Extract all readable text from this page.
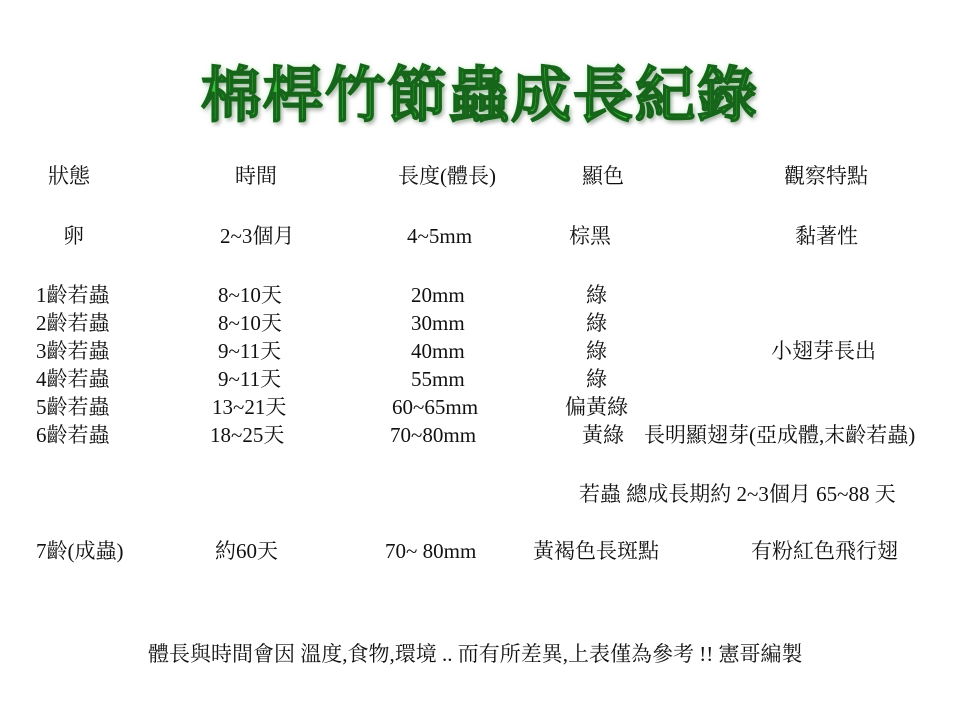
棉桿竹節蟲成長紀錄
狀態	時間	長度(體長)	顯色	觀察特點
卵	2~3個月	4~5mm	棕黑	黏著性
1齡若蟲	8~10天	20mm	綠
2齡若蟲	8~10天	30mm	綠
3齡若蟲	9~11天	40mm	綠	小翅芽長出
4齡若蟲	9~11天	55mm	綠
5齡若蟲	13~21天	60~65mm	偏黃綠
6齡若蟲	18~25天	70~80mm	黃綠 長明顯翅芽(亞成體,末齡若蟲)
若蟲 總成長期約 2~3個月 65~88 天
7齡(成蟲)	約60天	70~ 80mm	黃褐色長斑點	有粉紅色飛行翅
體長與時間會因 溫度,食物,環境 .. 而有所差異,上表僅為參考 !! 憲哥編製
